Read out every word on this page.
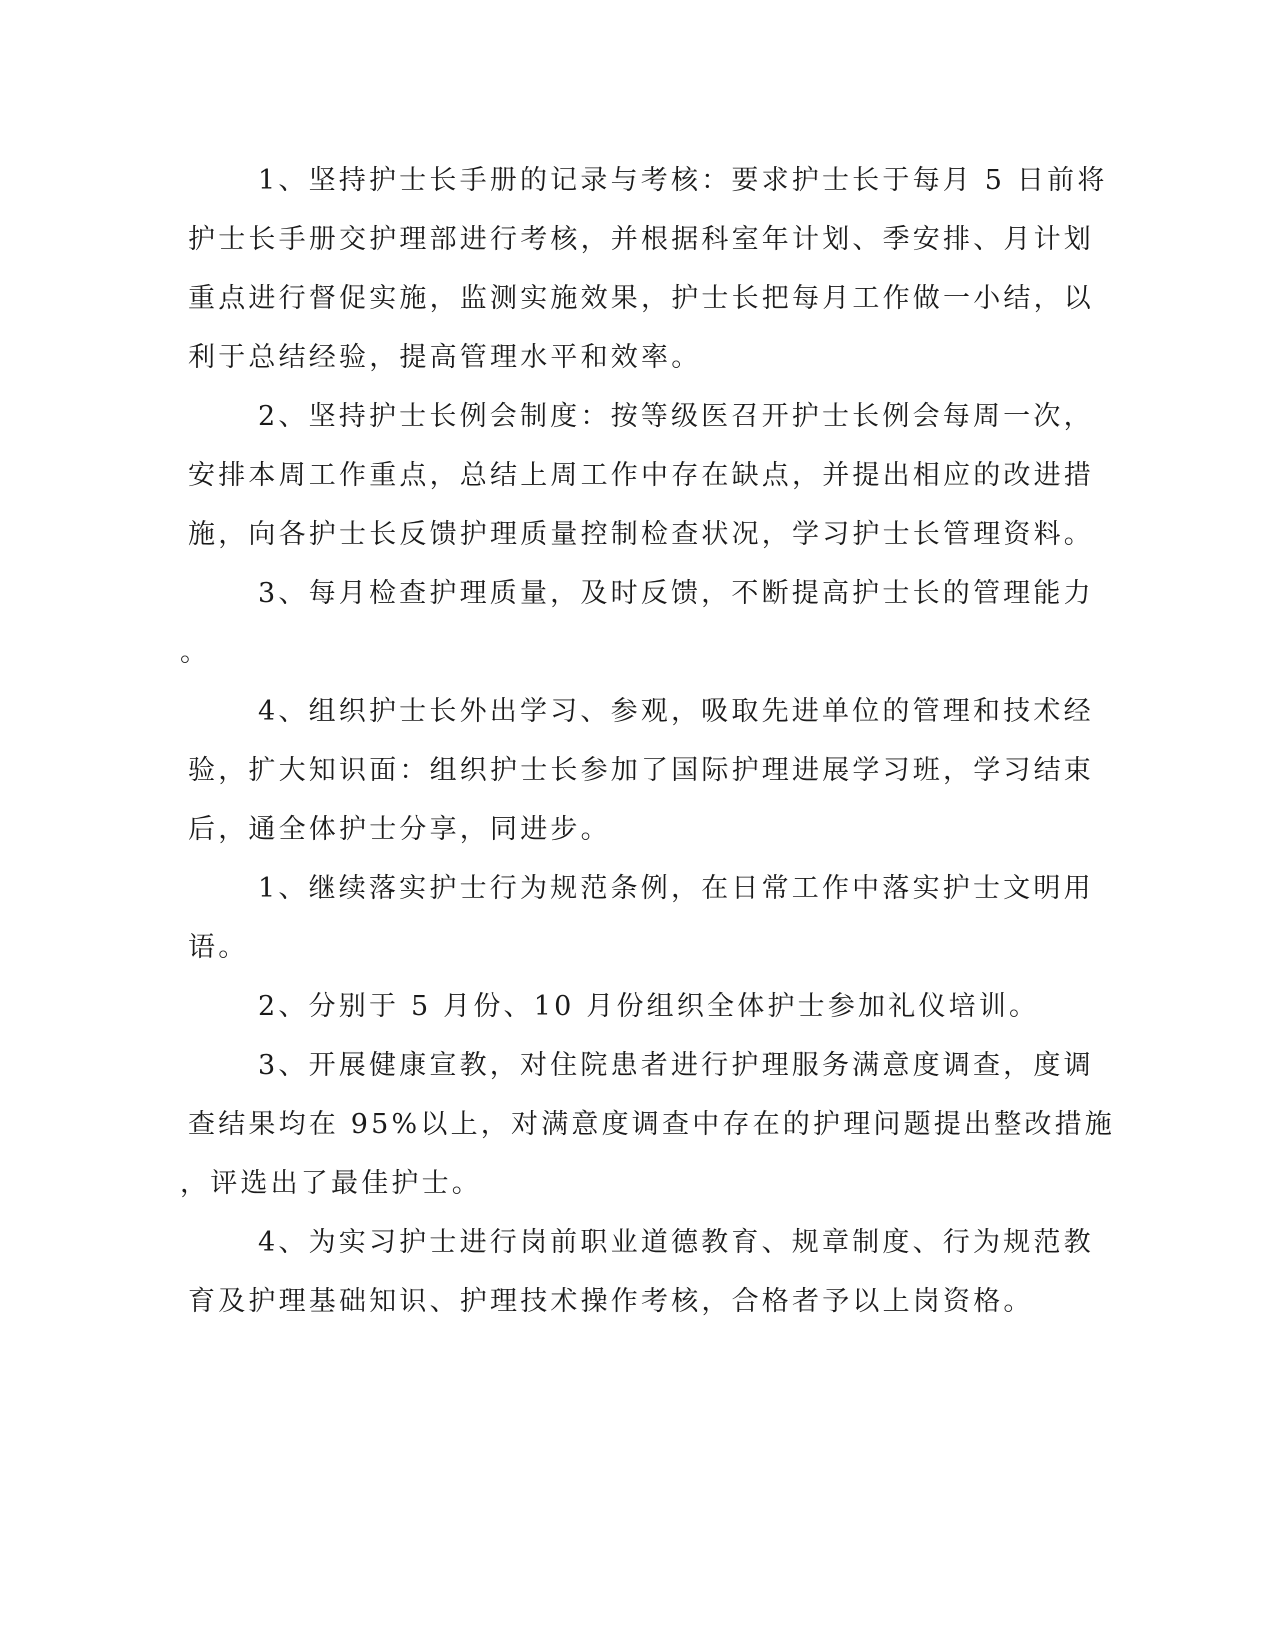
1、坚持护士长手册的记录与考核：要求护士长于每月 5 日前将
护士长手册交护理部进行考核，并根据科室年计划、季安排、月计划
重点进行督促实施，监测实施效果，护士长把每月工作做一小结，以
利于总结经验，提高管理水平和效率。
2、坚持护士长例会制度：按等级医召开护士长例会每周一次，
安排本周工作重点，总结上周工作中存在缺点，并提出相应的改进措
施，向各护士长反馈护理质量控制检查状况，学习护士长管理资料。
3、每月检查护理质量，及时反馈，不断提高护士长的管理能力
。
4、组织护士长外出学习、参观，吸取先进单位的管理和技术经
验，扩大知识面：组织护士长参加了国际护理进展学习班，学习结束
后，通全体护士分享，同进步。
1、继续落实护士行为规范条例，在日常工作中落实护士文明用
语。
2、分别于 5 月份、10 月份组织全体护士参加礼仪培训。
3、开展健康宣教，对住院患者进行护理服务满意度调查，度调
查结果均在 95%以上，对满意度调查中存在的护理问题提出整改措施
，评选出了最佳护士。
4、为实习护士进行岗前职业道德教育、规章制度、行为规范教
育及护理基础知识、护理技术操作考核，合格者予以上岗资格。
